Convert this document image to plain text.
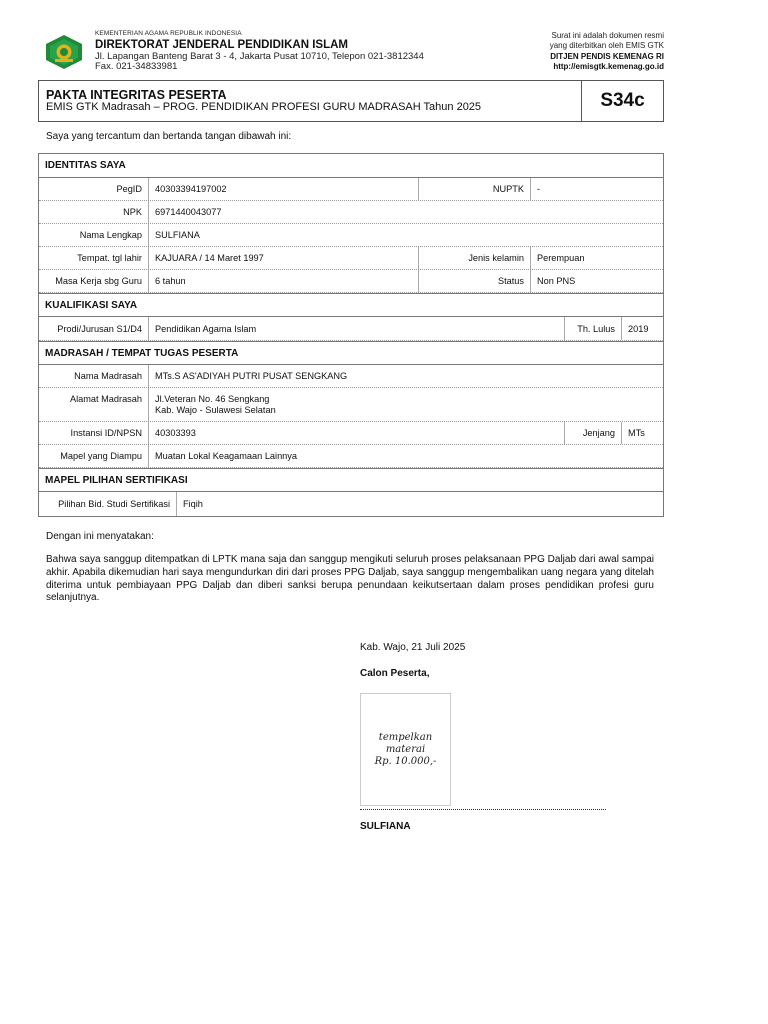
KEMENTERIAN AGAMA REPUBLIK INDONESIA
DIREKTORAT JENDERAL PENDIDIKAN ISLAM
Jl. Lapangan Banteng Barat 3 - 4, Jakarta Pusat 10710, Telepon 021-3812344
Fax. 021-34833981
Surat ini adalah dokumen resmi
yang diterbitkan oleh EMIS GTK
DITJEN PENDIS KEMENAG RI
http://emisgtk.kemenag.go.id
PAKTA INTEGRITAS PESERTA
EMIS GTK Madrasah – PROG. PENDIDIKAN PROFESI GURU MADRASAH Tahun 2025	S34c
Saya yang tercantum dan bertanda tangan dibawah ini:
IDENTITAS SAYA
PegID	40303394197002	NUPTK	-
NPK	6971440043077
Nama Lengkap	SULFIANA
Tempat. tgl lahir	KAJUARA / 14 Maret 1997	Jenis kelamin	Perempuan
Masa Kerja sbg Guru	6 tahun	Status	Non PNS
KUALIFIKASI SAYA
Prodi/Jurusan S1/D4	Pendidikan Agama Islam	Th. Lulus	2019
MADRASAH / TEMPAT TUGAS PESERTA
Nama Madrasah	MTs.S AS'ADIYAH PUTRI PUSAT SENGKANG
Alamat Madrasah	Jl.Veteran No. 46 Sengkang
Kab. Wajo - Sulawesi Selatan
Instansi ID/NPSN	40303393	Jenjang	MTs
Mapel yang Diampu	Muatan Lokal Keagamaan Lainnya
MAPEL PILIHAN SERTIFIKASI
Pilihan Bid. Studi Sertifikasi	Fiqih
Dengan ini menyatakan:
Bahwa saya sanggup ditempatkan di LPTK mana saja dan sanggup mengikuti seluruh proses pelaksanaan PPG Daljab dari awal sampai akhir. Apabila dikemudian hari saya mengundurkan diri dari proses PPG Daljab, saya sanggup mengembalikan uang negara yang ditelah diterima untuk pembiayaan PPG Daljab dan diberi sanksi berupa penundaan keikutsertaan dalam proses pendidikan profesi guru selanjutnya.
Kab. Wajo, 21 Juli 2025
Calon Peserta,
tempelkan
materai
Rp. 10.000,-
SULFIANA
